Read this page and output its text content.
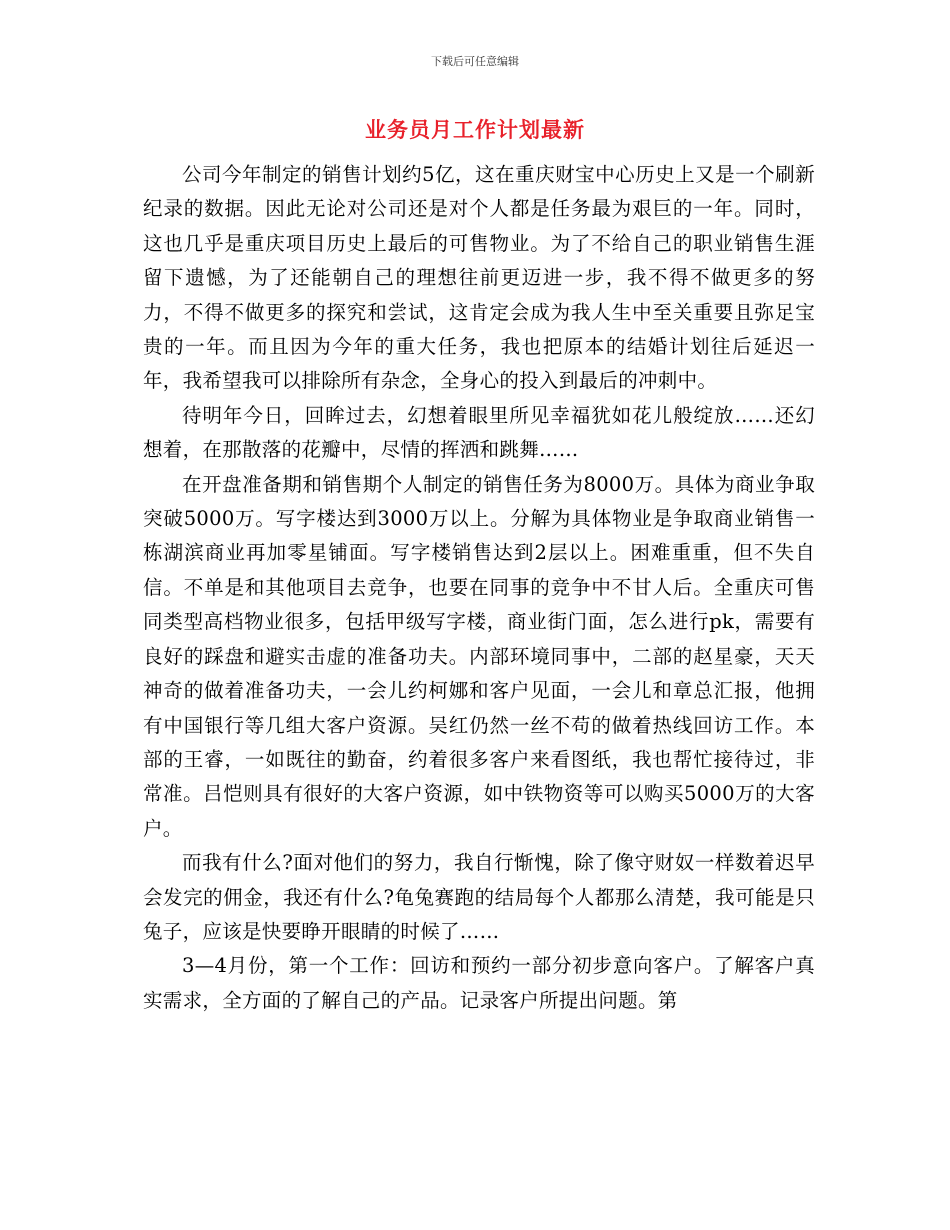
下载后可任意编辑
业务员月工作计划最新

公司今年制定的销售计划约5亿，这在重庆财宝中心历史上又是一个刷新纪录的数据。因此无论对公司还是对个人都是任务最为艰巨的一年。同时，这也几乎是重庆项目历史上最后的可售物业。为了不给自己的职业销售生涯留下遗憾，为了还能朝自己的理想往前更迈进一步，我不得不做更多的努力，不得不做更多的探究和尝试，这肯定会成为我人生中至关重要且弥足宝贵的一年。而且因为今年的重大任务，我也把原本的结婚计划往后延迟一年，我希望我可以排除所有杂念，全身心的投入到最后的冲刺中。

待明年今日，回眸过去，幻想着眼里所见幸福犹如花儿般绽放……还幻想着，在那散落的花瓣中，尽情的挥洒和跳舞……

在开盘准备期和销售期个人制定的销售任务为8000万。具体为商业争取突破5000万。写字楼达到3000万以上。分解为具体物业是争取商业销售一栋湖滨商业再加零星铺面。写字楼销售达到2层以上。困难重重，但不失自信。不单是和其他项目去竞争，也要在同事的竞争中不甘人后。全重庆可售同类型高档物业很多，包括甲级写字楼，商业街门面，怎么进行pk，需要有良好的踩盘和避实击虚的准备功夫。内部环境同事中，二部的赵星豪，天天神奇的做着准备功夫，一会儿约柯娜和客户见面，一会儿和章总汇报，他拥有中国银行等几组大客户资源。吴红仍然一丝不苟的做着热线回访工作。本部的王睿，一如既往的勤奋，约着很多客户来看图纸，我也帮忙接待过，非常准。吕恺则具有很好的大客户资源，如中铁物资等可以购买5000万的大客户。

而我有什么?面对他们的努力，我自行惭愧，除了像守财奴一样数着迟早会发完的佣金，我还有什么?龟兔赛跑的结局每个人都那么清楚，我可能是只兔子，应该是快要睁开眼睛的时候了……

3—4月份，第一个工作：回访和预约一部分初步意向客户。了解客户真实需求，全方面的了解自己的产品。记录客户所提出问题。第
